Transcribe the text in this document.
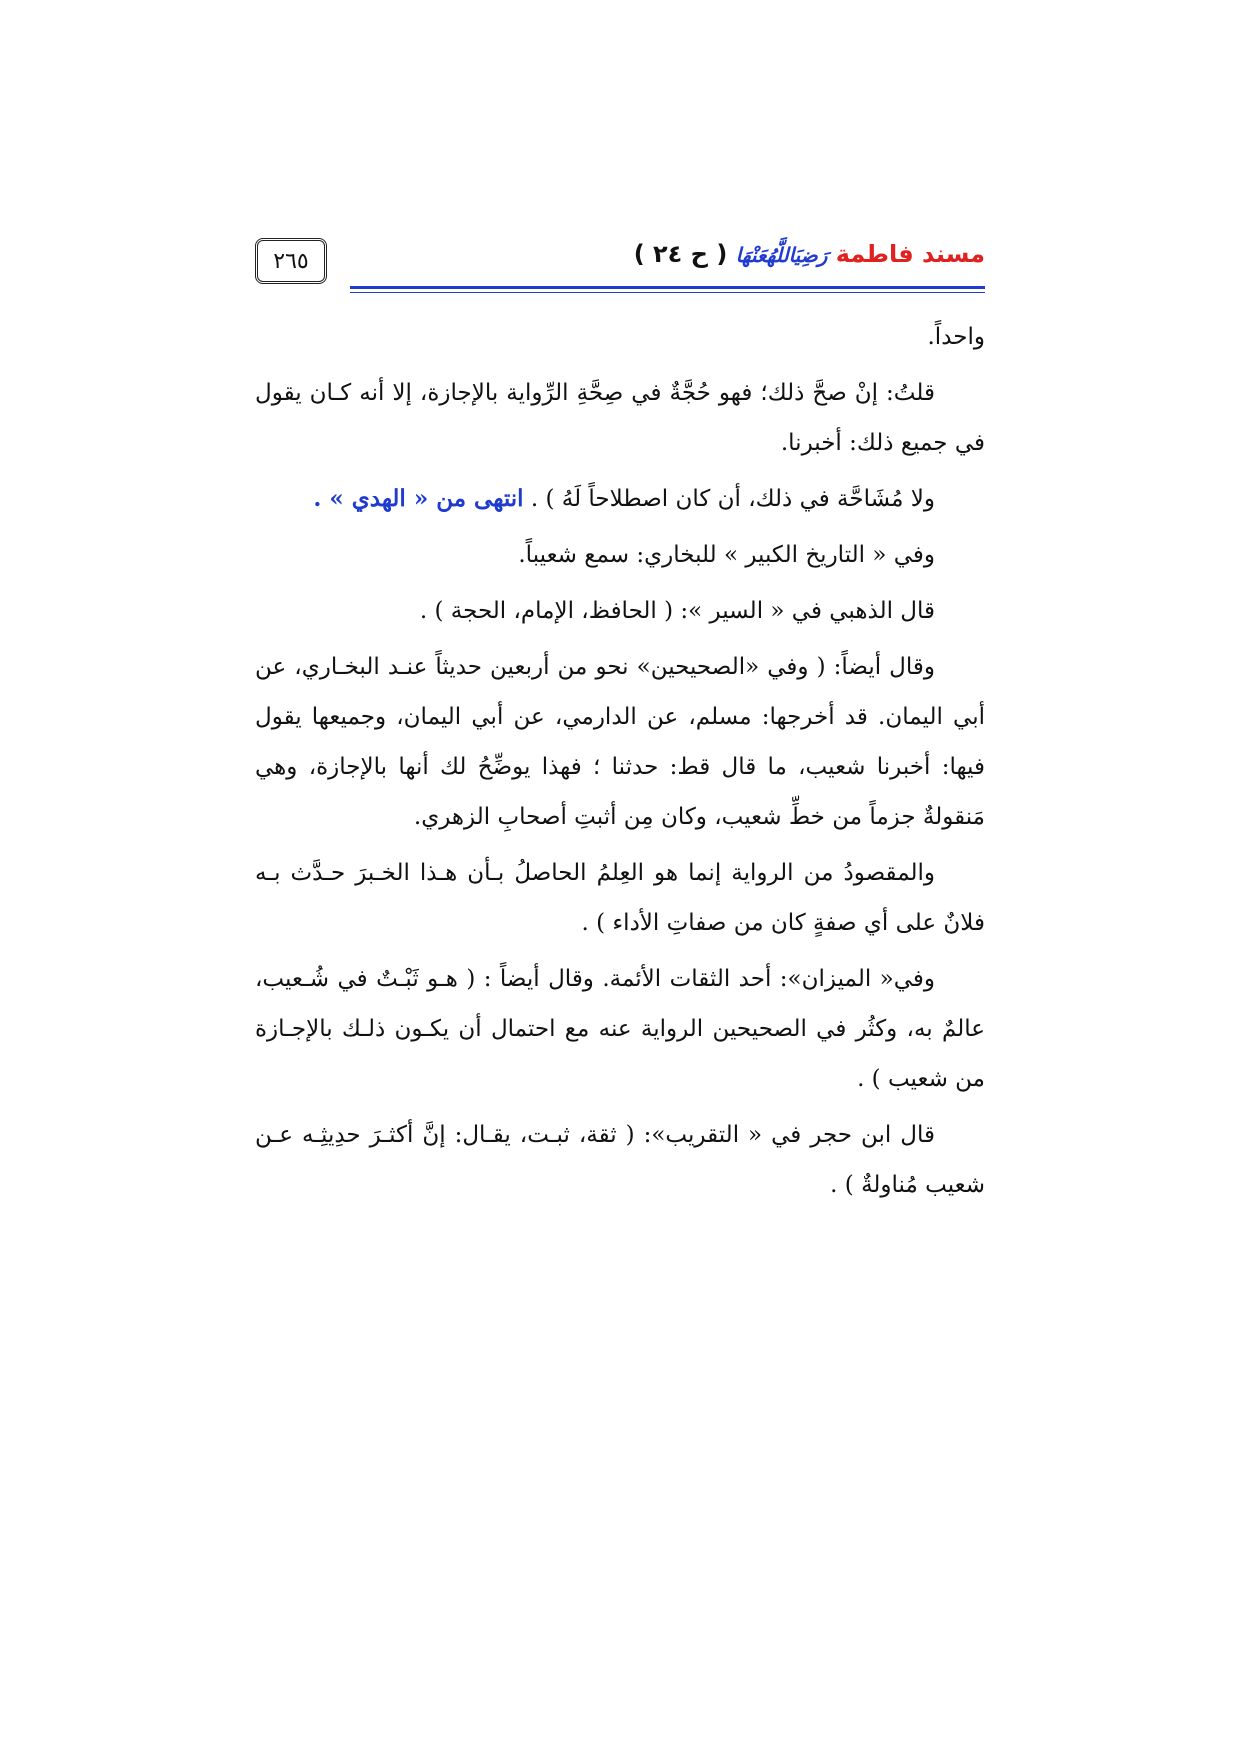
٢٦٥	مسند فاطمة رَضِيَاللَّهُعَنْهَا ( ح ٢٤ )

واحداً.

قلتُ: إنْ صحَّ ذلك؛ فهو حُجَّةٌ في صِحَّةِ الرِّواية بالإجازة، إلا أنه كـان يقول في جميع ذلك: أخبرنا.

ولا مُشَاحَّة في ذلك، أن كان اصطلاحاً لَهُ ) . انتهى من « الهدي » .

وفي « التاريخ الكبير » للبخاري: سمع شعيباً.

قال الذهبي في « السير »: ( الحافظ، الإمام، الحجة ) .

وقال أيضاً: ( وفي «الصحيحين» نحو من أربعين حديثاً عنـد البخـاري، عن أبي اليمان. قد أخرجها: مسلم، عن الدارمي، عن أبي اليمان، وجميعها يقول فيها: أخبرنا شعيب، ما قال قط: حدثنا ؛ فهذا يوضِّحُ لك أنها بالإجازة، وهي مَنقولةٌ جزماً من خطِّ شعيب، وكان مِن أثبتِ أصحابِ الزهري.

والمقصودُ من الرواية إنما هو العِلمُ الحاصلُ بـأن هـذا الخـبرَ حـدَّث بـه فلانٌ على أي صفةٍ كان من صفاتِ الأداء ) .

وفي« الميزان»: أحد الثقات الأئمة. وقال أيضاً : ( هـو ثَبْـتٌ في شُـعيب، عالمٌ به، وكثُر في الصحيحين الرواية عنه مع احتمال أن يكـون ذلـك بالإجـازة من شعيب ) .

قال ابن حجر في « التقريب»: ( ثقة، ثبـت، يقـال: إنَّ أكثـرَ حدِيثِـه عـن شعيب مُناولةٌ ) .
